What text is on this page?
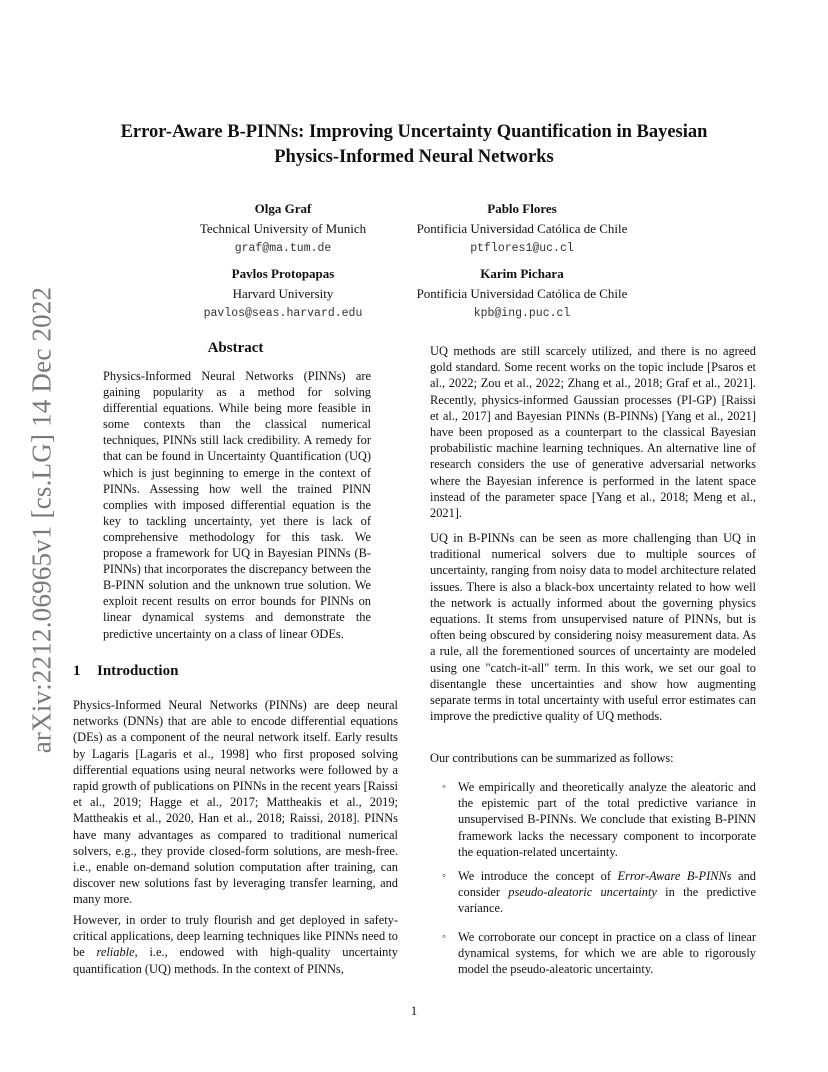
arXiv:2212.06965v1 [cs.LG] 14 Dec 2022
Error-Aware B-PINNs: Improving Uncertainty Quantification in Bayesian Physics-Informed Neural Networks
Olga Graf
Technical University of Munich
graf@ma.tum.de
Pablo Flores
Pontificia Universidad Católica de Chile
ptflores1@uc.cl
Pavlos Protopapas
Harvard University
pavlos@seas.harvard.edu
Karim Pichara
Pontificia Universidad Católica de Chile
kpb@ing.puc.cl
Abstract
Physics-Informed Neural Networks (PINNs) are gaining popularity as a method for solving differential equations. While being more feasible in some contexts than the classical numerical techniques, PINNs still lack credibility. A remedy for that can be found in Uncertainty Quantification (UQ) which is just beginning to emerge in the context of PINNs. Assessing how well the trained PINN complies with imposed differential equation is the key to tackling uncertainty, yet there is lack of comprehensive methodology for this task. We propose a framework for UQ in Bayesian PINNs (B-PINNs) that incorporates the discrepancy between the B-PINN solution and the unknown true solution. We exploit recent results on error bounds for PINNs on linear dynamical systems and demonstrate the predictive uncertainty on a class of linear ODEs.
1 Introduction

Physics-Informed Neural Networks (PINNs) are deep neural networks (DNNs) that are able to encode differential equations (DEs) as a component of the neural network itself. Early results by Lagaris [Lagaris et al., 1998] who first proposed solving differential equations using neural networks were followed by a rapid growth of publications on PINNs in the recent years [Raissi et al., 2019; Hagge et al., 2017; Mattheakis et al., 2019; Mattheakis et al., 2020, Han et al., 2018; Raissi, 2018]. PINNs have many advantages as compared to traditional numerical solvers, e.g., they provide closed-form solutions, are mesh-free. i.e., enable on-demand solution computation after training, can discover new solutions fast by leveraging transfer learning, and many more.

However, in order to truly flourish and get deployed in safety-critical applications, deep learning techniques like PINNs need to be reliable, i.e., endowed with high-quality uncertainty quantification (UQ) methods. In the context of PINNs,

UQ methods are still scarcely utilized, and there is no agreed gold standard. Some recent works on the topic include [Psaros et al., 2022; Zou et al., 2022; Zhang et al., 2018; Graf et al., 2021]. Recently, physics-informed Gaussian processes (PI-GP) [Raissi et al., 2017] and Bayesian PINNs (B-PINNs) [Yang et al., 2021] have been proposed as a counterpart to the classical Bayesian probabilistic machine learning techniques. An alternative line of research considers the use of generative adversarial networks where the Bayesian inference is performed in the latent space instead of the parameter space [Yang et al., 2018; Meng et al., 2021].

UQ in B-PINNs can be seen as more challenging than UQ in traditional numerical solvers due to multiple sources of uncertainty, ranging from noisy data to model architecture related issues. There is also a black-box uncertainty related to how well the network is actually informed about the governing physics equations. It stems from unsupervised nature of PINNs, but is often being obscured by considering noisy measurement data. As a rule, all the forementioned sources of uncertainty are modeled using one "catch-it-all" term. In this work, we set our goal to disentangle these uncertainties and show how augmenting separate terms in total uncertainty with useful error estimates can improve the predictive quality of UQ methods.

Our contributions can be summarized as follows:

◦ We empirically and theoretically analyze the aleatoric and the epistemic part of the total predictive variance in unsupervised B-PINNs. We conclude that existing B-PINN framework lacks the necessary component to incorporate the equation-related uncertainty.
◦ We introduce the concept of Error-Aware B-PINNs and consider pseudo-aleatoric uncertainty in the predictive variance.
◦ We corroborate our concept in practice on a class of linear dynamical systems, for which we are able to rigorously model the pseudo-aleatoric uncertainty.
1
